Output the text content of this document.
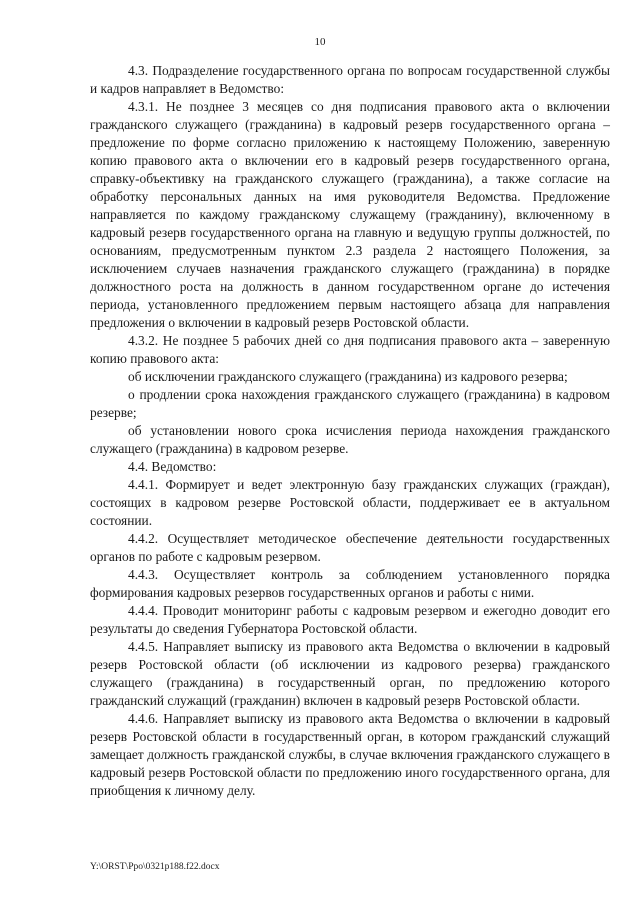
10

4.3. Подразделение государственного органа по вопросам государственной службы и кадров направляет в Ведомство:

4.3.1. Не позднее 3 месяцев со дня подписания правового акта о включении гражданского служащего (гражданина) в кадровый резерв государственного органа – предложение по форме согласно приложению к настоящему Положению, заверенную копию правового акта о включении его в кадровый резерв государственного органа, справку-объективку на гражданского служащего (гражданина), а также согласие на обработку персональных данных на имя руководителя Ведомства. Предложение направляется по каждому гражданскому служащему (гражданину), включенному в кадровый резерв государственного органа на главную и ведущую группы должностей, по основаниям, предусмотренным пунктом 2.3 раздела 2 настоящего Положения, за исключением случаев назначения гражданского служащего (гражданина) в порядке должностного роста на должность в данном государственном органе до истечения периода, установленного предложением первым настоящего абзаца для направления предложения о включении в кадровый резерв Ростовской области.

4.3.2. Не позднее 5 рабочих дней со дня подписания правового акта – заверенную копию правового акта:

об исключении гражданского служащего (гражданина) из кадрового резерва;

о продлении срока нахождения гражданского служащего (гражданина) в кадровом резерве;

об установлении нового срока исчисления периода нахождения гражданского служащего (гражданина) в кадровом резерве.

4.4. Ведомство:

4.4.1. Формирует и ведет электронную базу гражданских служащих (граждан), состоящих в кадровом резерве Ростовской области, поддерживает ее в актуальном состоянии.

4.4.2. Осуществляет методическое обеспечение деятельности государственных органов по работе с кадровым резервом.

4.4.3. Осуществляет контроль за соблюдением установленного порядка формирования кадровых резервов государственных органов и работы с ними.

4.4.4. Проводит мониторинг работы с кадровым резервом и ежегодно доводит его результаты до сведения Губернатора Ростовской области.

4.4.5. Направляет выписку из правового акта Ведомства о включении в кадровый резерв Ростовской области (об исключении из кадрового резерва) гражданского служащего (гражданина) в государственный орган, по предложению которого гражданский служащий (гражданин) включен в кадровый резерв Ростовской области.

4.4.6. Направляет выписку из правового акта Ведомства о включении в кадровый резерв Ростовской области в государственный орган, в котором гражданский служащий замещает должность гражданской службы, в случае включения гражданского служащего в кадровый резерв Ростовской области по предложению иного государственного органа, для приобщения к личному делу.

Y:\ORST\Ppo\0321p188.f22.docx
